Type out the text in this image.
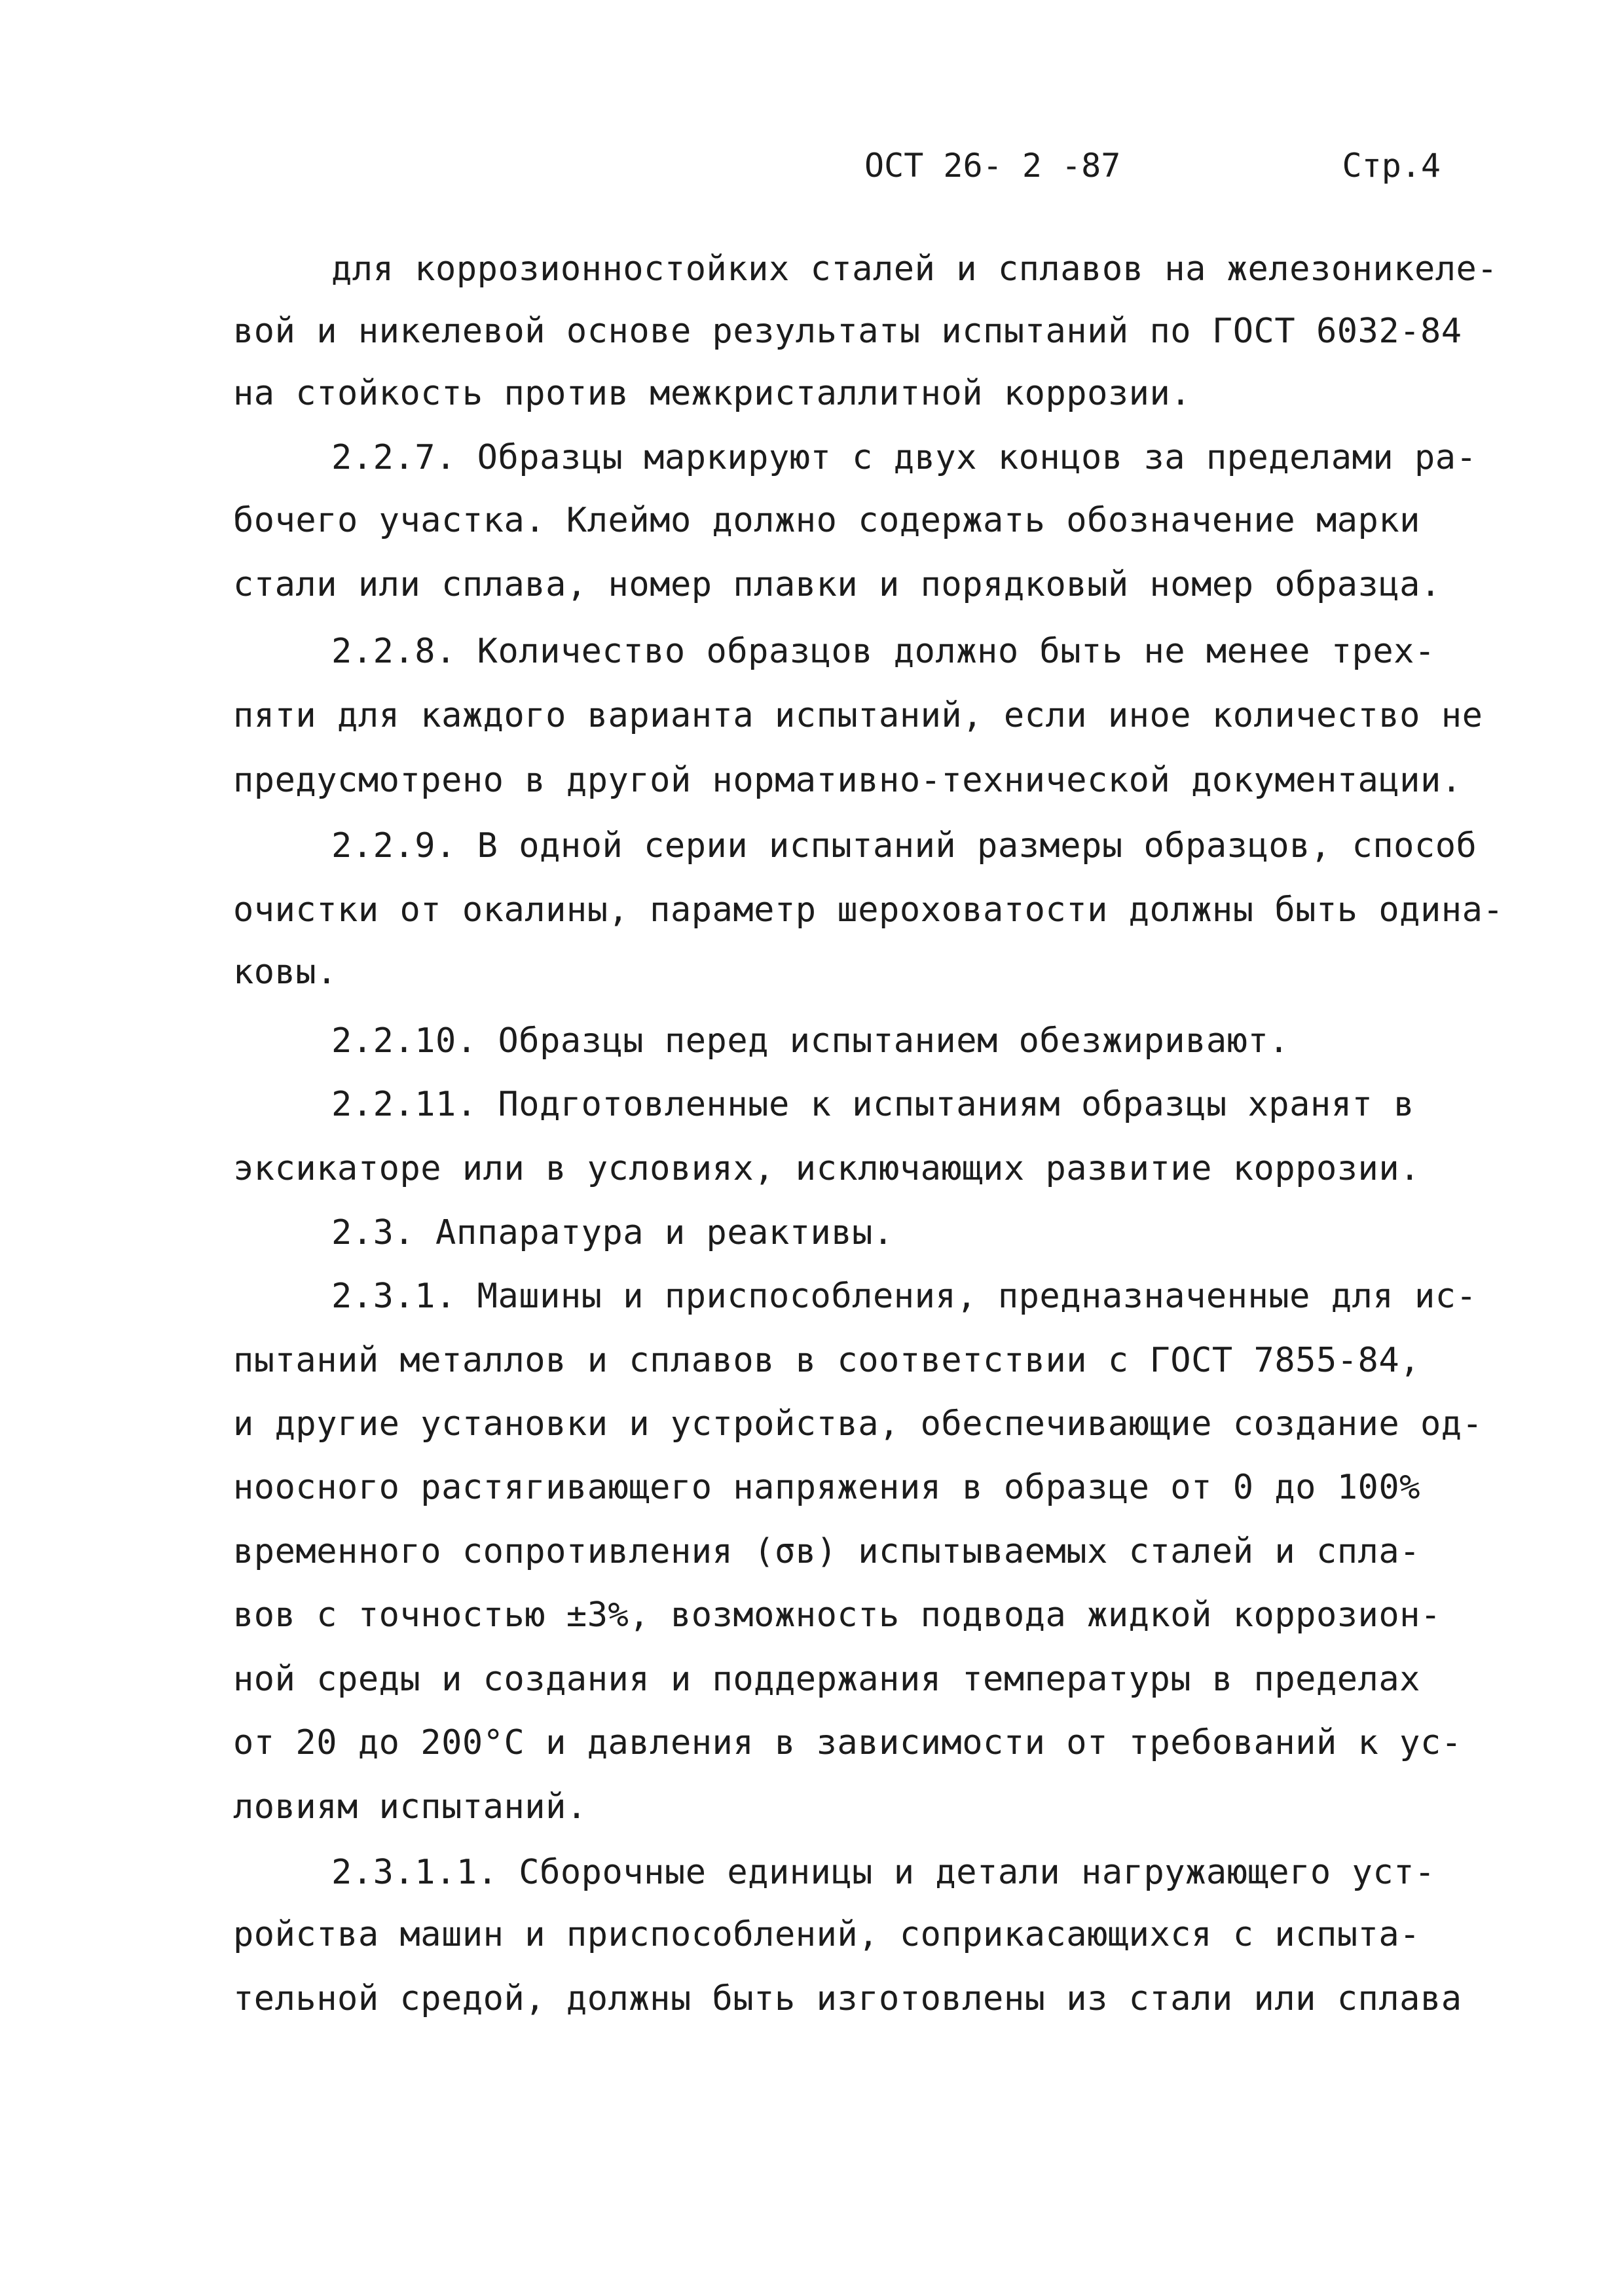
ОСТ 26- 2 -87	Стр.4
для коррозионностойких сталей и сплавов на железоникеле-
вой и никелевой основе результаты испытаний по ГОСТ 6032-84
на стойкость против межкристаллитной коррозии.
2.2.7. Образцы маркируют с двух концов за пределами ра-
бочего участка. Клеймо должно содержать обозначение марки
стали или сплава, номер плавки и порядковый номер образца.
2.2.8. Количество образцов должно быть не менее трех-
пяти для каждого варианта испытаний, если иное количество не
предусмотрено в другой нормативно-технической документации.
2.2.9. В одной серии испытаний размеры образцов, способ
очистки от окалины, параметр шероховатости должны быть одина-
ковы.
2.2.10. Образцы перед испытанием обезжиривают.
2.2.11. Подготовленные к испытаниям образцы хранят в
эксикаторе или в условиях, исключающих развитие коррозии.
2.3. Аппаратура и реактивы.
2.3.1. Машины и приспособления, предназначенные для ис-
пытаний металлов и сплавов в соответствии с ГОСТ 7855-84,
и другие установки и устройства, обеспечивающие создание од-
ноосного растягивающего напряжения в образце от 0 до 100%
временного сопротивления (σв) испытываемых сталей и спла-
вов с точностью ±3%, возможность подвода жидкой коррозион-
ной среды и создания и поддержания температуры в пределах
от 20 до 200°С и давления в зависимости от требований к ус-
ловиям испытаний.
2.3.1.1. Сборочные единицы и детали нагружающего уст-
ройства машин и приспособлений, соприкасающихся с испыта-
тельной средой, должны быть изготовлены из стали или сплава
